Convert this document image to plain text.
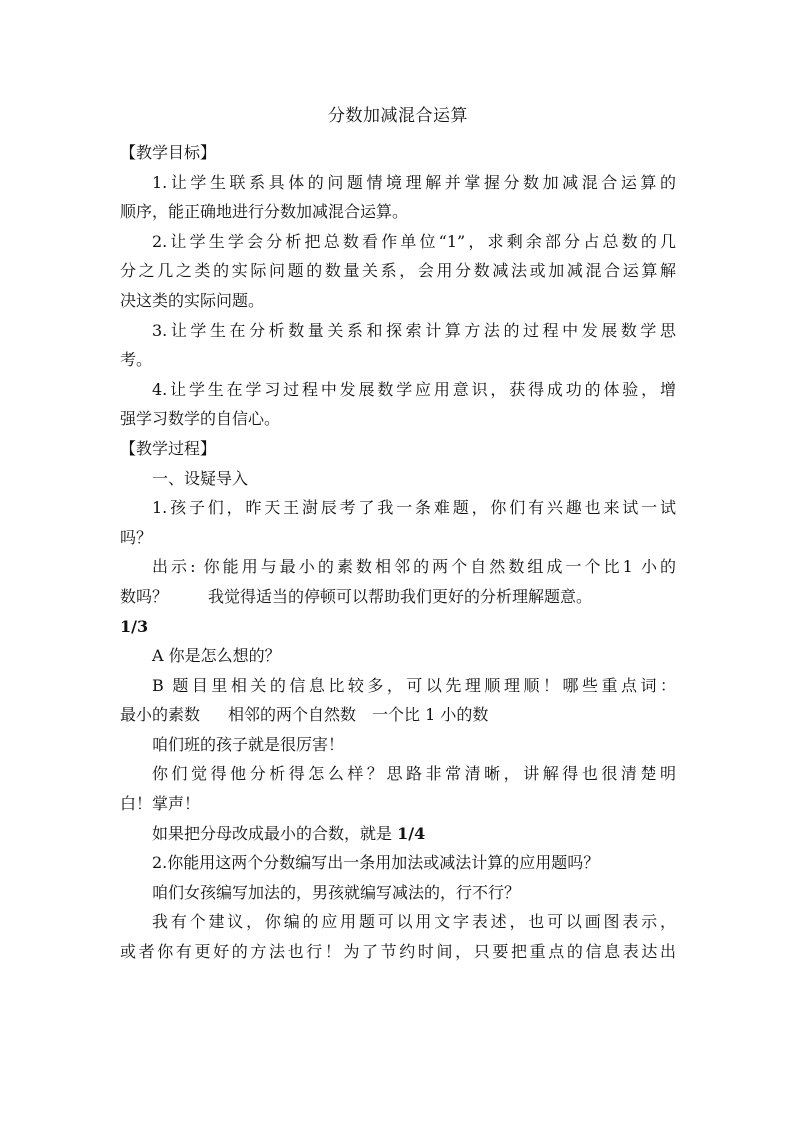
分数加减混合运算
【教学目标】
1.让学生联系具体的问题情境理解并掌握分数加减混合运算的
顺序，能正确地进行分数加减混合运算。
2.让学生学会分析把总数看作单位“1”，求剩余部分占总数的几
分之几之类的实际问题的数量关系，会用分数减法或加减混合运算解
决这类的实际问题。
3.让学生在分析数量关系和探索计算方法的过程中发展数学思
考。
4.让学生在学习过程中发展数学应用意识，获得成功的体验，增
强学习数学的自信心。
【教学过程】
一、设疑导入
1.孩子们，昨天王澍辰考了我一条难题，你们有兴趣也来试一试
吗？
出示: 你能用与最小的素数相邻的两个自然数组成一个比1 小的
数吗？	我觉得适当的停顿可以帮助我们更好的分析理解题意。
1/3
A 你是怎么想的？
B 题目里相关的信息比较多，可以先理顺理顺！哪些重点词：
最小的素数 相邻的两个自然数 一个比 1 小的数
咱们班的孩子就是很厉害！
你们觉得他分析得怎么样？思路非常清晰，讲解得也很清楚明
白！掌声！
如果把分母改成最小的合数，就是 1/4
2.你能用这两个分数编写出一条用加法或减法计算的应用题吗？
咱们女孩编写加法的，男孩就编写减法的，行不行？
我有个建议，你编的应用题可以用文字表述，也可以画图表示，
或者你有更好的方法也行！为了节约时间，只要把重点的信息表达出
